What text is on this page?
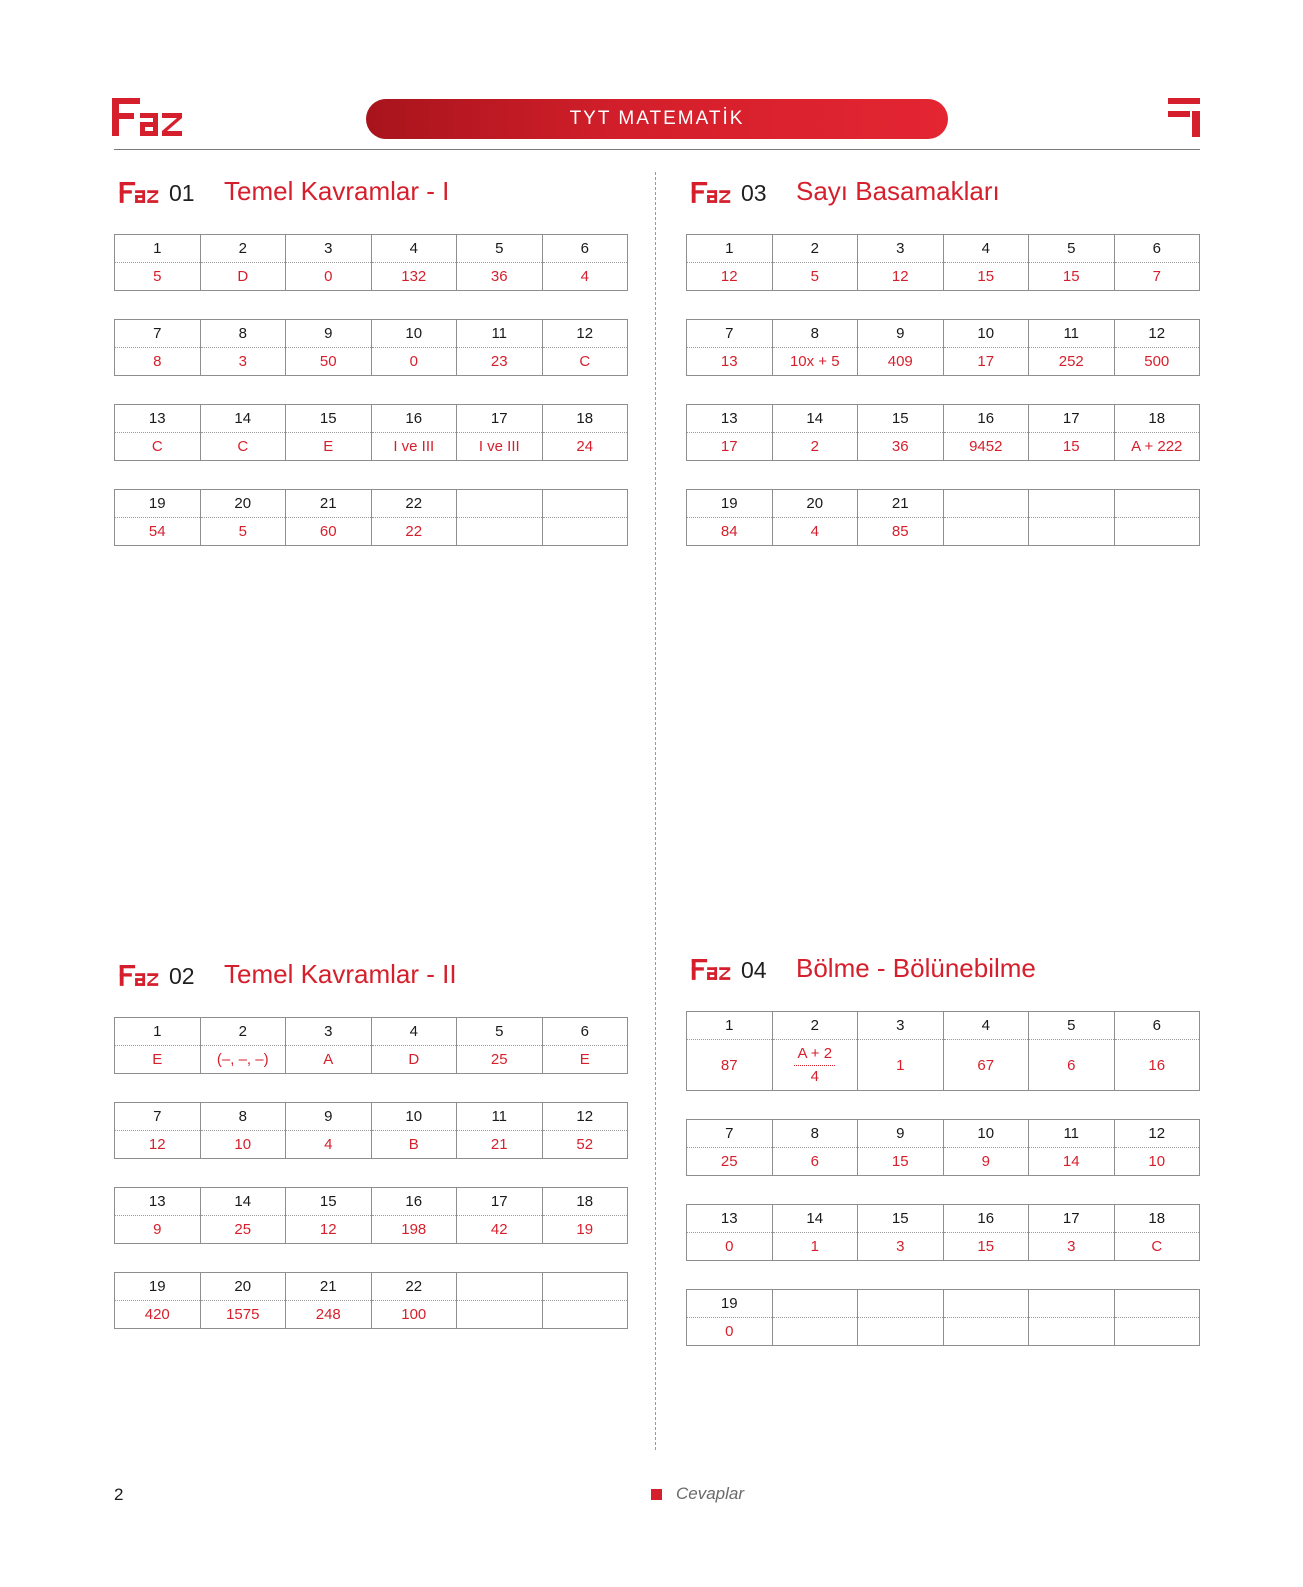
TYT MATEMATİK
01 Temel Kavramlar - I
1	2	3	4	5	6
5	D	0	132	36	4
7	8	9	10	11	12
8	3	50	0	23	C
13	14	15	16	17	18
C	C	E	I ve III	I ve III	24
19	20	21	22		
54	5	60	22		
02 Temel Kavramlar - II
1	2	3	4	5	6
E	(–, –, –)	A	D	25	E
7	8	9	10	11	12
12	10	4	B	21	52
13	14	15	16	17	18
9	25	12	198	42	19
19	20	21	22		
420	1575	248	100		
03 Sayı Basamakları
1	2	3	4	5	6
12	5	12	15	15	7
7	8	9	10	11	12
13	10x + 5	409	17	252	500
13	14	15	16	17	18
17	2	36	9452	15	A + 222
19	20	21			
84	4	85			
04 Bölme - Bölünebilme
1	2	3	4	5	6
87	$\frac{A + 2}{4}$	1	67	6	16
7	8	9	10	11	12
25	6	15	9	14	10
13	14	15	16	17	18
0	1	3	15	3	C
19					
0					
2	Cevaplar
